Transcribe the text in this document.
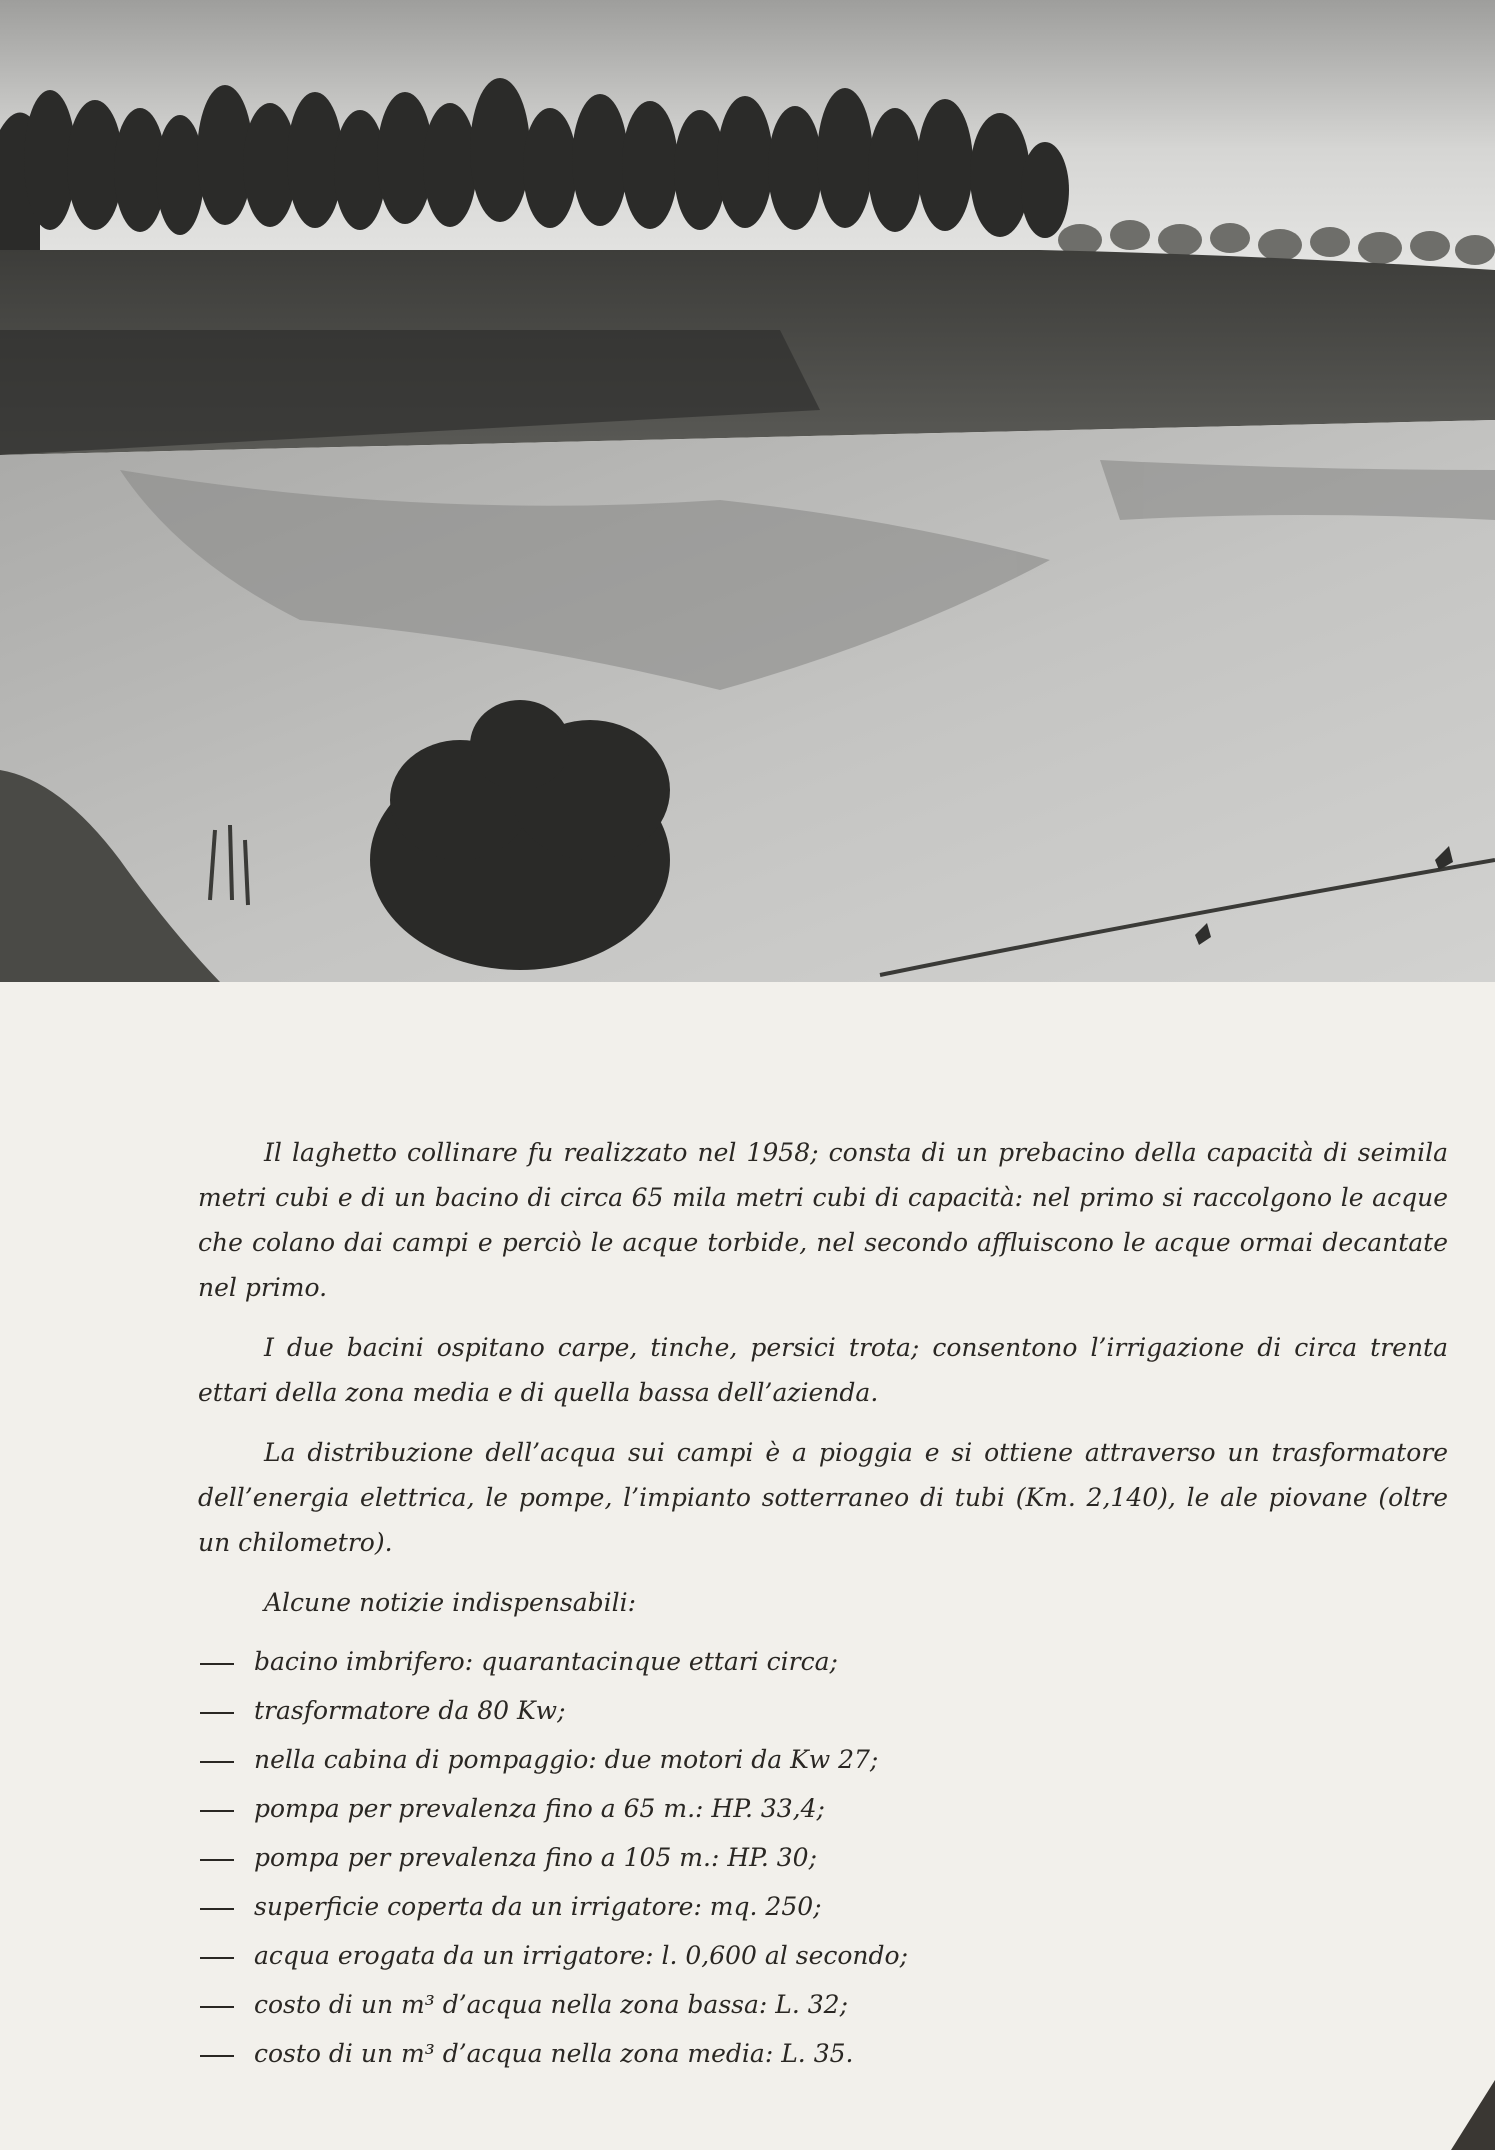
Il laghetto collinare fu realizzato nel 1958; consta di un prebacino della capacità di seimila metri cubi e di un bacino di circa 65 mila metri cubi di capacità: nel primo si raccolgono le acque che colano dai campi e perciò le acque torbide, nel secondo affluiscono le acque ormai decantate nel primo.

I due bacini ospitano carpe, tinche, persici trota; consentono l’irrigazione di circa trenta ettari della zona media e di quella bassa dell’azienda.

La distribuzione dell’acqua sui campi è a pioggia e si ottiene attraverso un trasformatore dell’energia elettrica, le pompe, l’impianto sotterraneo di tubi (Km. 2,140), le ale piovane (oltre un chilometro).

Alcune notizie indispensabili:

bacino imbrifero: quarantacinque ettari circa;
trasformatore da 80 Kw;
nella cabina di pompaggio: due motori da Kw 27;
pompa per prevalenza fino a 65 m.: HP. 33,4;
pompa per prevalenza fino a 105 m.: HP. 30;
superficie coperta da un irrigatore: mq. 250;
acqua erogata da un irrigatore: l. 0,600 al secondo;
costo di un m³ d’acqua nella zona bassa: L. 32;
costo di un m³ d’acqua nella zona media: L. 35.
